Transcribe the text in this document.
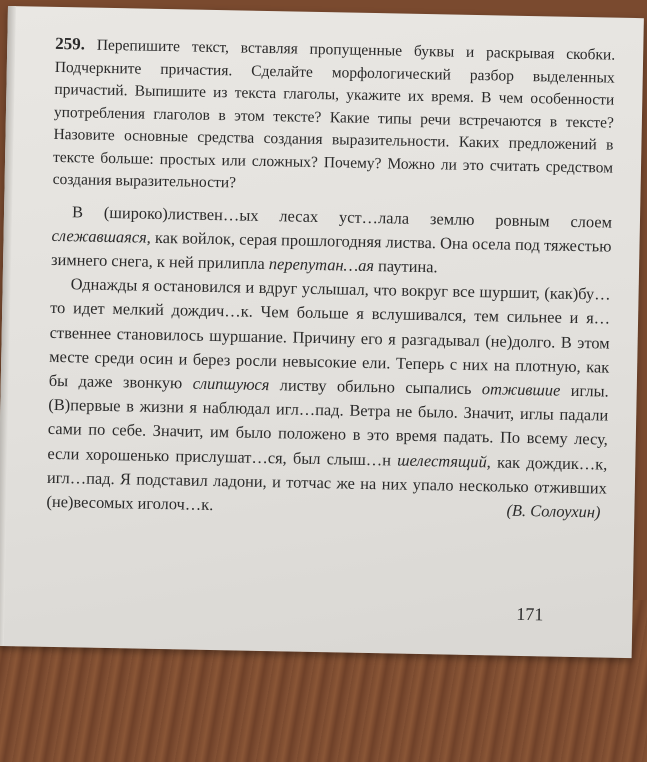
259. Перепишите текст, вставляя пропущенные буквы и раскрывая скобки. Подчеркните причастия. Сделайте морфологический разбор выделенных причастий. Выпишите из текста глаголы, укажите их время. В чем особенности употребления глаголов в этом тексте? Какие типы речи встречаются в тексте? Назовите основные средства создания выразительности. Каких предложений в тексте больше: простых или сложных? Почему? Можно ли это считать средством создания выразительности?

В (широко)листвен…ых лесах уст…лала землю ровным слоем слежавшаяся, как войлок, серая прошлогодняя листва. Она осела под тяжестью зимнего снега, к ней прилипла перепутан…ая паутина.

Однажды я остановился и вдруг услышал, что вокруг все шуршит, (как)бу…то идет мелкий дождич…к. Чем больше я вслушивался, тем сильнее и я…ственнее становилось шуршание. Причину его я разгадывал (не)долго. В этом месте среди осин и берез росли невысокие ели. Теперь с них на плотную, как бы даже звонкую слипшуюся листву обильно сыпались отжившие иглы. (В)первые в жизни я наблюдал игл…пад. Ветра не было. Значит, иглы падали сами по себе. Значит, им было положено в это время падать. По всему лесу, если хорошенько прислушат…ся, был слыш…н шелестящий, как дождик…к, игл…пад. Я подставил ладони, и тотчас же на них упало несколько отживших (не)весомых иголоч…к.	(В. Солоухин)
171
